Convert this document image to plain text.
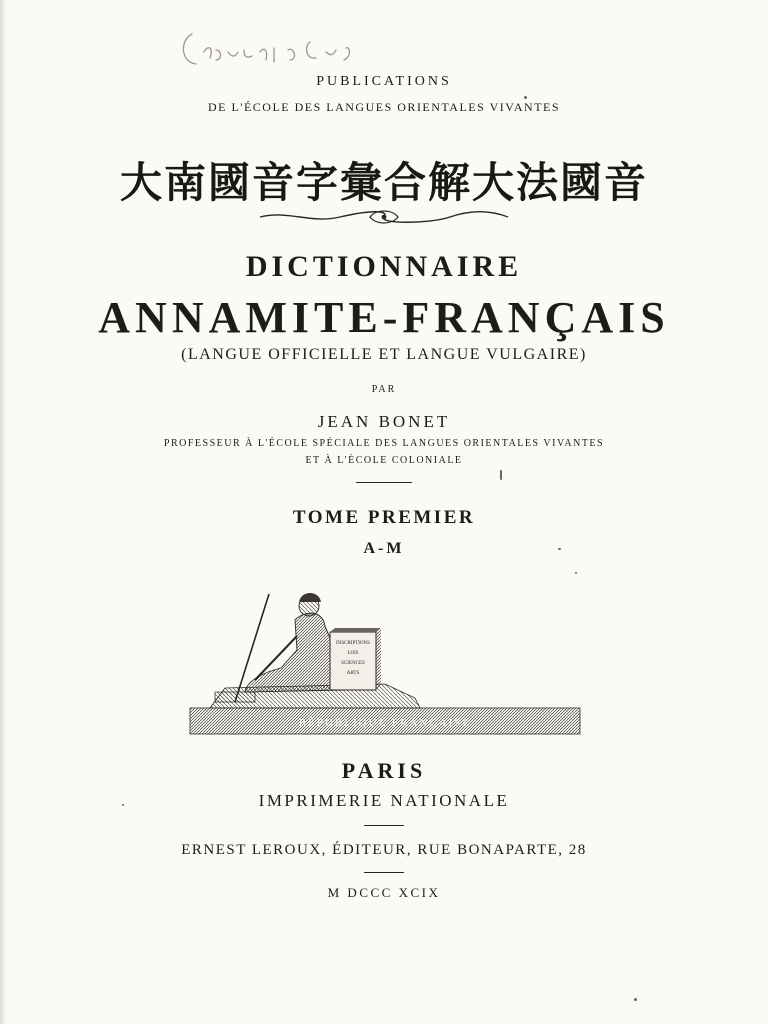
PUBLICATIONS
DE L'ÉCOLE DES LANGUES ORIENTALES VIVANTES
大南國音字彙合解大法國音
DICTIONNAIRE
ANNAMITE-FRANÇAIS
(LANGUE OFFICIELLE ET LANGUE VULGAIRE)
PAR
JEAN BONET
PROFESSEUR À L'ÉCOLE SPÉCIALE DES LANGUES ORIENTALES VIVANTES
ET À L'ÉCOLE COLONIALE
TOME PREMIER
A-M
RÉPUBLIQUE FRANÇAISE
INSCRIPTIONS
LOIS
SCIENCES
ARTS
PARIS
IMPRIMERIE NATIONALE
ERNEST LEROUX, ÉDITEUR, RUE BONAPARTE, 28
M DCCC XCIX
